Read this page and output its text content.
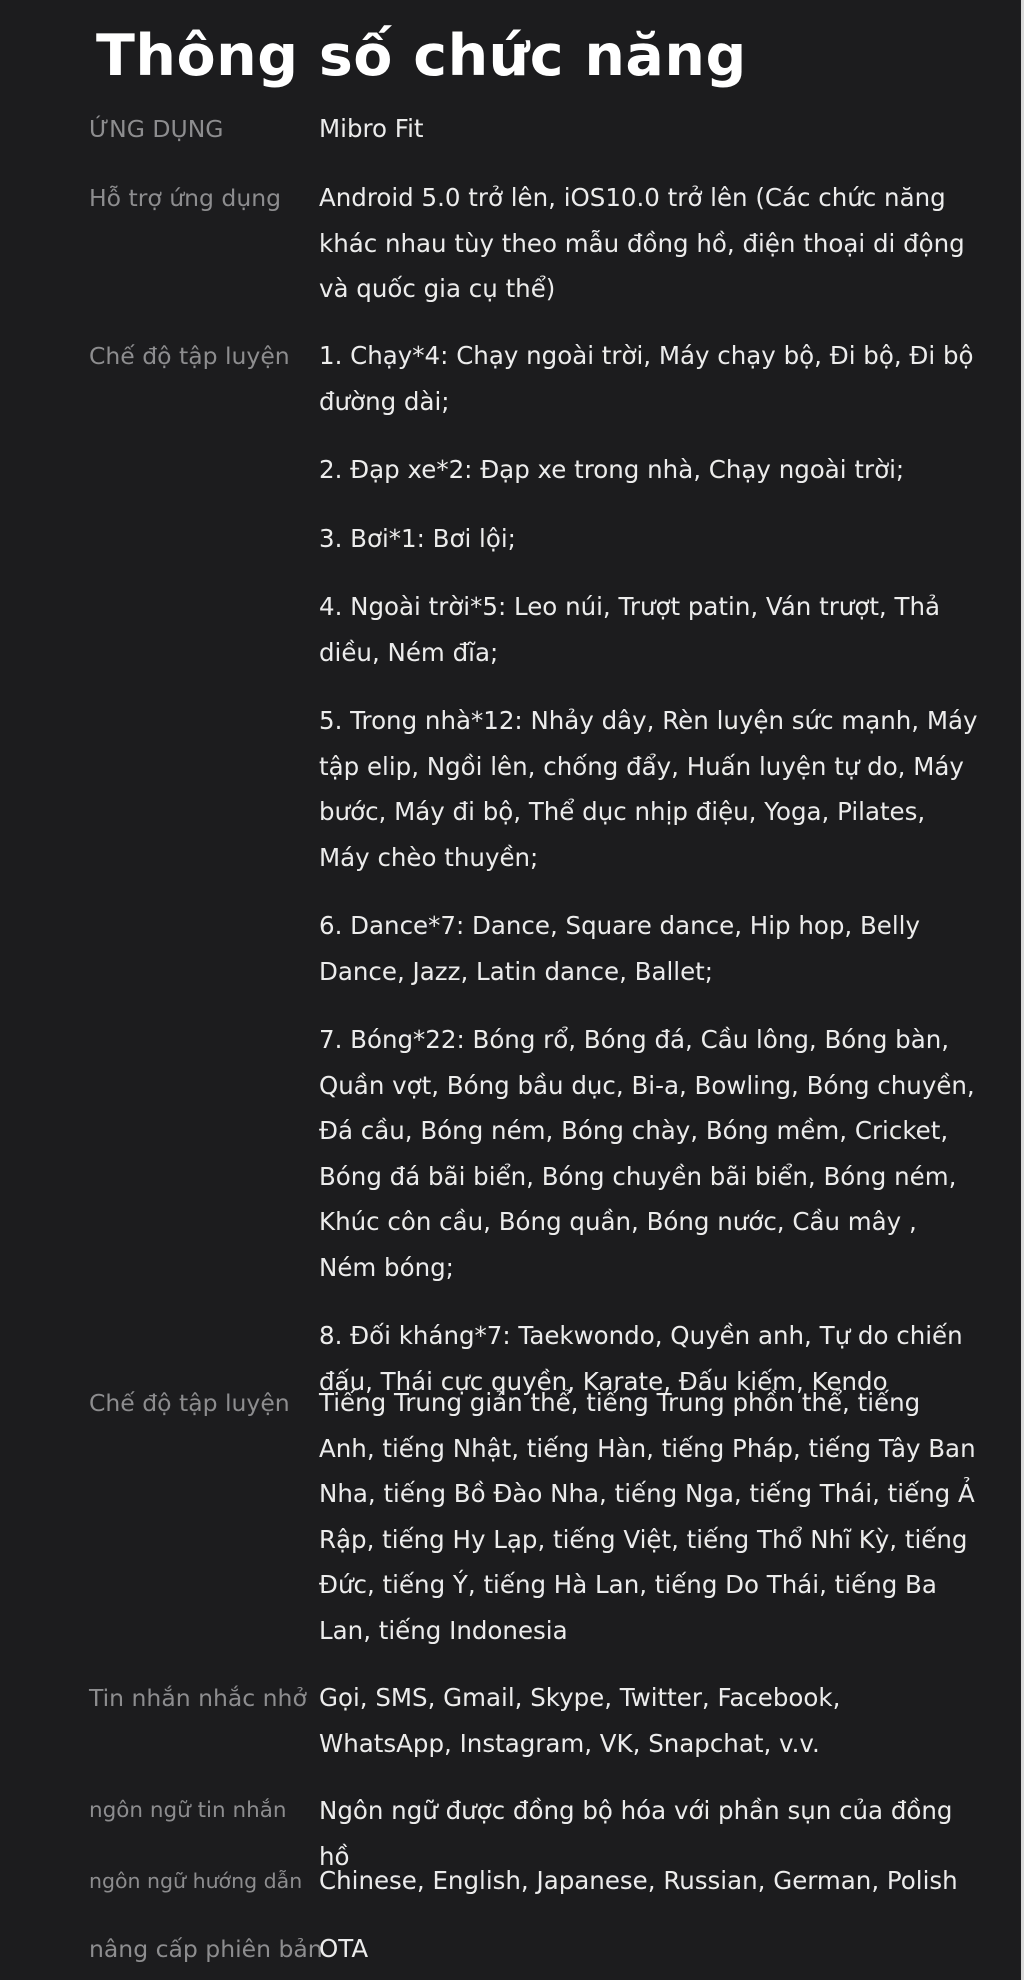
Thông số chức năng
ỨNG DỤNG	Mibro Fit
Hỗ trợ ứng dụng Android 5.0 trở lên, iOS10.0 trở lên (Các chức năng khác nhau tùy theo mẫu đồng hồ, điện thoại di động và quốc gia cụ thể)
Chế độ tập luyện 1. Chạy*4: Chạy ngoài trời, Máy chạy bộ, Đi bộ, Đi bộ đường dài;

2. Đạp xe*2: Đạp xe trong nhà, Chạy ngoài trời;

3. Bơi*1: Bơi lội;

4. Ngoài trời*5: Leo núi, Trượt patin, Ván trượt, Thả diều, Ném đĩa;

5. Trong nhà*12: Nhảy dây, Rèn luyện sức mạnh, Máy tập elip, Ngồi lên, chống đẩy, Huấn luyện tự do, Máy bước, Máy đi bộ, Thể dục nhịp điệu, Yoga, Pilates, Máy chèo thuyền;

6. Dance*7: Dance, Square dance, Hip hop, Belly Dance, Jazz, Latin dance, Ballet;

7. Bóng*22: Bóng rổ, Bóng đá, Cầu lông, Bóng bàn, Quần vợt, Bóng bầu dục, Bi-a, Bowling, Bóng chuyền, Đá cầu, Bóng ném, Bóng chày, Bóng mềm, Cricket, Bóng đá bãi biển, Bóng chuyền bãi biển, Bóng ném, Khúc côn cầu, Bóng quần, Bóng nước, Cầu mây , Ném bóng;

8. Đối kháng*7: Taekwondo, Quyền anh, Tự do chiến đấu, Thái cực quyền, Karate, Đấu kiếm, Kendo

Chế độ tập luyện Tiếng Trung giản thể, tiếng Trung phồn thể, tiếng Anh, tiếng Nhật, tiếng Hàn, tiếng Pháp, tiếng Tây Ban Nha, tiếng Bồ Đào Nha, tiếng Nga, tiếng Thái, tiếng Ả Rập, tiếng Hy Lạp, tiếng Việt, tiếng Thổ Nhĩ Kỳ, tiếng Đức, tiếng Ý, tiếng Hà Lan, tiếng Do Thái, tiếng Ba Lan, tiếng Indonesia
Tin nhắn nhắc nhở Gọi, SMS, Gmail, Skype, Twitter, Facebook, WhatsApp, Instagram, VK, Snapchat, v.v.
ngôn ngữ tin nhắn Ngôn ngữ được đồng bộ hóa với phần sụn của đồng hồ
ngôn ngữ hướng dẫn Chinese, English, Japanese, Russian, German, Polish
nâng cấp phiên bản
OTA
